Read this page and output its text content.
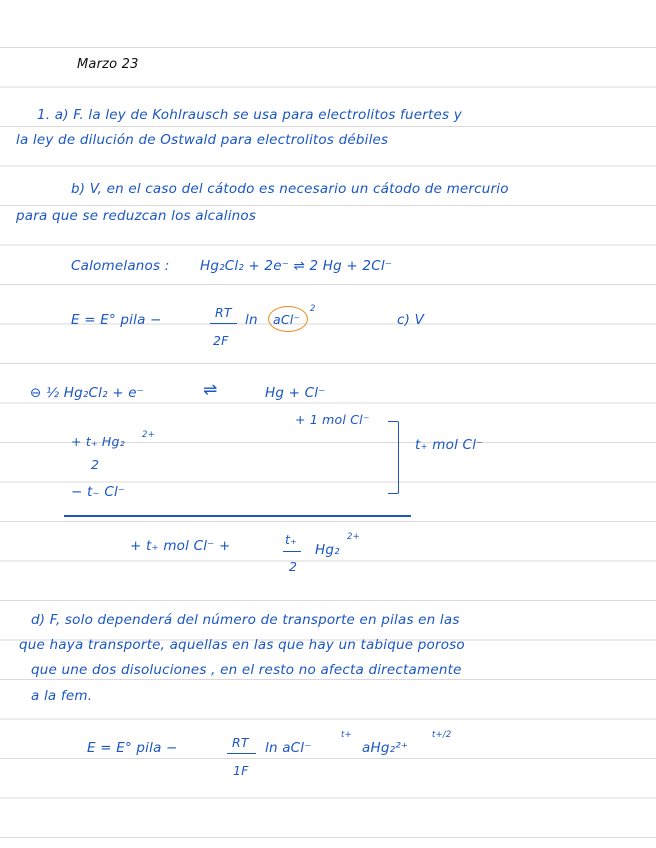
Marzo 23
1. a) F. la ley de Kohlrausch se usa para electrolitos fuertes y
la ley de dilución de Ostwald para electrolitos débiles
b) V, en el caso del cátodo es necesario un cátodo de mercurio
para que se reduzcan los alcalinos
Calomelanos : Hg₂Cl₂ + 2e⁻ ⇌ 2 Hg + 2Cl⁻
E = E° pila −	RT
2F
ln aCl⁻
2
c) V
⊖ ½ Hg₂Cl₂ + e⁻	⇌	Hg + Cl⁻
+ 1 mol Cl⁻
+ t₊ Hg₂ 2+
2
− t₋ Cl⁻
t₊ mol Cl⁻
+ t₊ mol Cl⁻ +	t₊
2
Hg₂
2+
d) F, solo dependerá del número de transporte en pilas en las
que haya transporte, aquellas en las que hay un tabique poroso
que une dos disoluciones , en el resto no afecta directamente
a la fem.
E = E° pila −	RT
1F
ln aCl⁻
t+
aHg₂²⁺
t+/2
